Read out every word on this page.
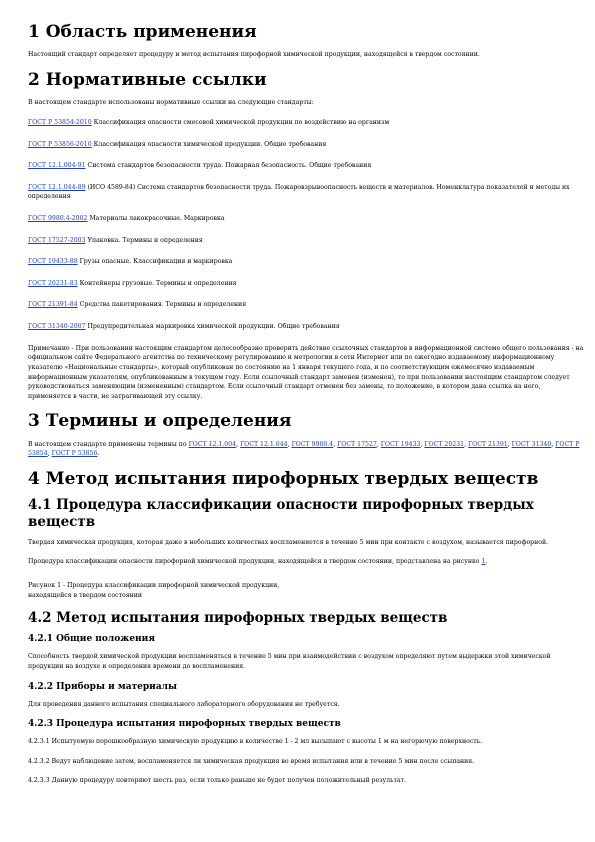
1 Область применения

Настоящий стандарт определяет процедуру и метод испытания пирофорной химической продукции, находящейся в твердом состоянии.

2 Нормативные ссылки

В настоящем стандарте использованы нормативные ссылки на следующие стандарты:

ГОСТ Р 53854-2010 Классификация опасности смесевой химической продукции по воздействию на организм

ГОСТ Р 53856-2010 Классификация опасности химической продукции. Общие требования

ГОСТ 12.1.004-91 Система стандартов безопасности труда. Пожарная безопасность. Общие требования

ГОСТ 12.1.044-89 (ИСО 4589-84) Система стандартов безопасности труда. Пожаровзрывоопасность веществ и материалов. Номенклатура показателей и методы их определения

ГОСТ 9980.4-2002 Материалы лакокрасочные. Маркировка

ГОСТ 17527-2003 Упаковка. Термины и определения

ГОСТ 19433-88 Грузы опасные. Классификация и маркировка

ГОСТ 20231-83 Контейнеры грузовые. Термины и определения

ГОСТ 21391-84 Средства пакетирования. Термины и определения

ГОСТ 31340-2007 Предупредительная маркировка химической продукции. Общие требования

Примечание - При пользовании настоящим стандартом целесообразно проверить действие ссылочных стандартов в информационной системе общего пользования - на официальном сайте Федерального агентства по техническому регулированию и метрологии в сети Интернет или по ежегодно издаваемому информационному указателю «Национальные стандарты», который опубликован по состоянию на 1 января текущего года, и по соответствующим ежемесячно издаваемым информационным указателям, опубликованным в текущем году. Если ссылочный стандарт заменен (изменен), то при пользовании настоящим стандартом следует руководствоваться заменяющим (измененным) стандартом. Если ссылочный стандарт отменен без замены, то положение, в котором дана ссылка на него, применяется в части, не затрагивающей эту ссылку.

3 Термины и определения

В настоящем стандарте применены термины по ГОСТ 12.1.004, ГОСТ 12.1.044, ГОСТ 9980.4, ГОСТ 17527, ГОСТ 19433, ГОСТ 20231, ГОСТ 21391, ГОСТ 31340, ГОСТ Р 53854, ГОСТ Р 53856.

4 Метод испытания пирофорных твердых веществ
4.1 Процедура классификации опасности пирофорных твердых веществ

Твердая химическая продукция, которая даже в небольших количествах воспламеняется в течение 5 мин при контакте с воздухом, называется пирофорной.

Процедура классификации опасности пирофорной химической продукции, находящейся в твердом состоянии, представлена на рисунке 1.

Рисунок 1 - Процедура классификации пирофорной химической продукции,
находящейся в твердом состоянии
4.2 Метод испытания пирофорных твердых веществ
4.2.1 Общие положения

Способность твердой химической продукции воспламеняться в течение 5 мин при взаимодействии с воздухом определяют путем выдержки этой химической продукции на воздухе и определения времени до воспламенения.

4.2.2 Приборы и материалы

Для проведения данного испытания специального лабораторного оборудования не требуется.

4.2.3 Процедура испытания пирофорных твердых веществ

4.2.3.1 Испытуемую порошкообразную химическую продукцию в количестве 1 - 2 мл высыпают с высоты 1 м на негорючую поверхность.

4.2.3.2 Ведут наблюдение затем, воспламеняется ли химическая продукция во время испытания или в течение 5 мин после ссыпания.

4.2.3.3 Данную процедуру повторяют шесть раз, если только раньше не будет получен положительный результат.
